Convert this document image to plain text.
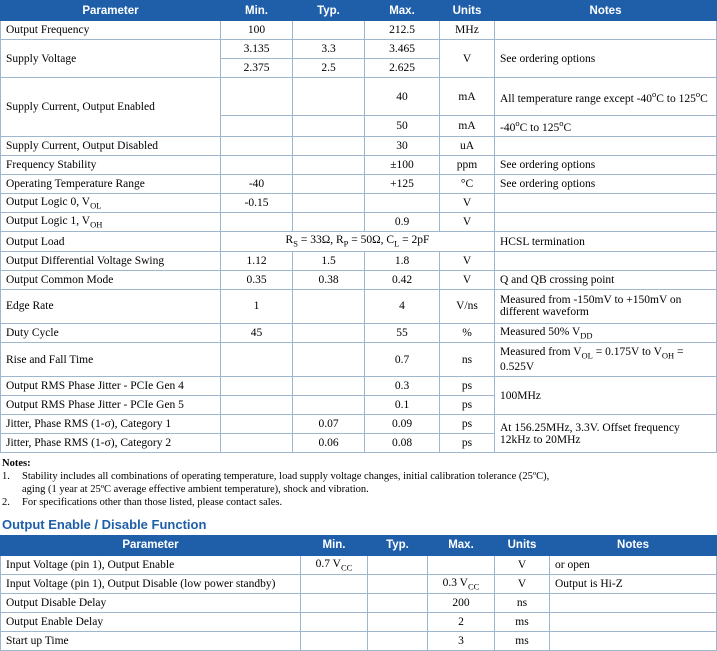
Parameter	Min.	Typ.	Max.	Units	Notes
Output Frequency	100		212.5	MHz	
Supply Voltage	3.135	3.3	3.465	V	See ordering options
	2.375	2.5	2.625		
Supply Current, Output Enabled			40	mA	All temperature range except -40$^o$C to 125$^o$C
			50	mA	-40$^o$C to 125$^o$C
Supply Current, Output Disabled			30	uA	
Frequency Stability			±100	ppm	See ordering options
Operating Temperature Range	-40		+125	°C	See ordering options
Output Logic 0, $V_{OL}$	-0.15			V	
Output Logic 1, $V_{OH}$			0.9	V	
Output Load	$R_S = 33\Omega$, $R_P = 50\Omega$, $C_L = 2pF$				HCSL termination
Output Differential Voltage Swing	1.12	1.5	1.8	V	
Output Common Mode	0.35	0.38	0.42	V	Q and QB crossing point
Edge Rate	1		4	V/ns	Measured from -150mV to +150mV on different waveform
Duty Cycle	45		55	%	Measured 50% $V_{DD}$
Rise and Fall Time			0.7	ns	Measured from $V_{OL} = 0.175V$ to $V_{OH} = 0.525V$
Output RMS Phase Jitter - PCIe Gen 4			0.3	ps	100MHz
Output RMS Phase Jitter - PCIe Gen 5			0.1	ps	
Jitter, Phase RMS (1-σ), Category 1		0.07	0.09	ps	At 156.25MHz, 3.3V. Offset frequency 12kHz to 20MHz
Jitter, Phase RMS (1-σ), Category 2		0.06	0.08	ps	
Notes:
1.	Stability includes all combinations of operating temperature, load supply voltage changes, initial calibration tolerance (25ºC),
aging (1 year at 25ºC average effective ambient temperature), shock and vibration.
2.	For specifications other than those listed, please contact sales.
Output Enable / Disable Function
Parameter	Min.	Typ.	Max.	Units	Notes
Input Voltage (pin 1), Output Enable	0.7 $V_{CC}$			V	or open
Input Voltage (pin 1), Output Disable (low power standby)			0.3 $V_{CC}$	V	Output is Hi-Z
Output Disable Delay			200	ns	
Output Enable Delay			2	ms	
Start up Time			3	ms	
